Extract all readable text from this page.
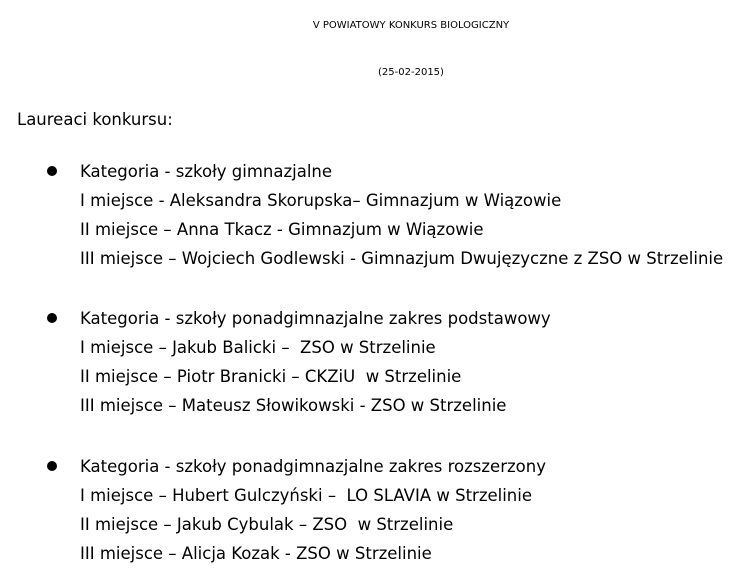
V POWIATOWY KONKURS BIOLOGICZNY
(25-02-2015)
Laureaci konkursu:
Kategoria - szkoły gimnazjalne
I miejsce - Aleksandra Skorupska– Gimnazjum w Wiązowie
II miejsce – Anna Tkacz - Gimnazjum w Wiązowie
III miejsce – Wojciech Godlewski - Gimnazjum Dwujęzyczne z ZSO w Strzelinie
Kategoria - szkoły ponadgimnazjalne zakres podstawowy
I miejsce – Jakub Balicki –  ZSO w Strzelinie
II miejsce – Piotr Branicki – CKZiU  w Strzelinie
III miejsce – Mateusz Słowikowski - ZSO w Strzelinie
Kategoria - szkoły ponadgimnazjalne zakres rozszerzony
I miejsce – Hubert Gulczyński –  LO SLAVIA w Strzelinie
II miejsce – Jakub Cybulak – ZSO  w Strzelinie
III miejsce – Alicja Kozak - ZSO w Strzelinie
